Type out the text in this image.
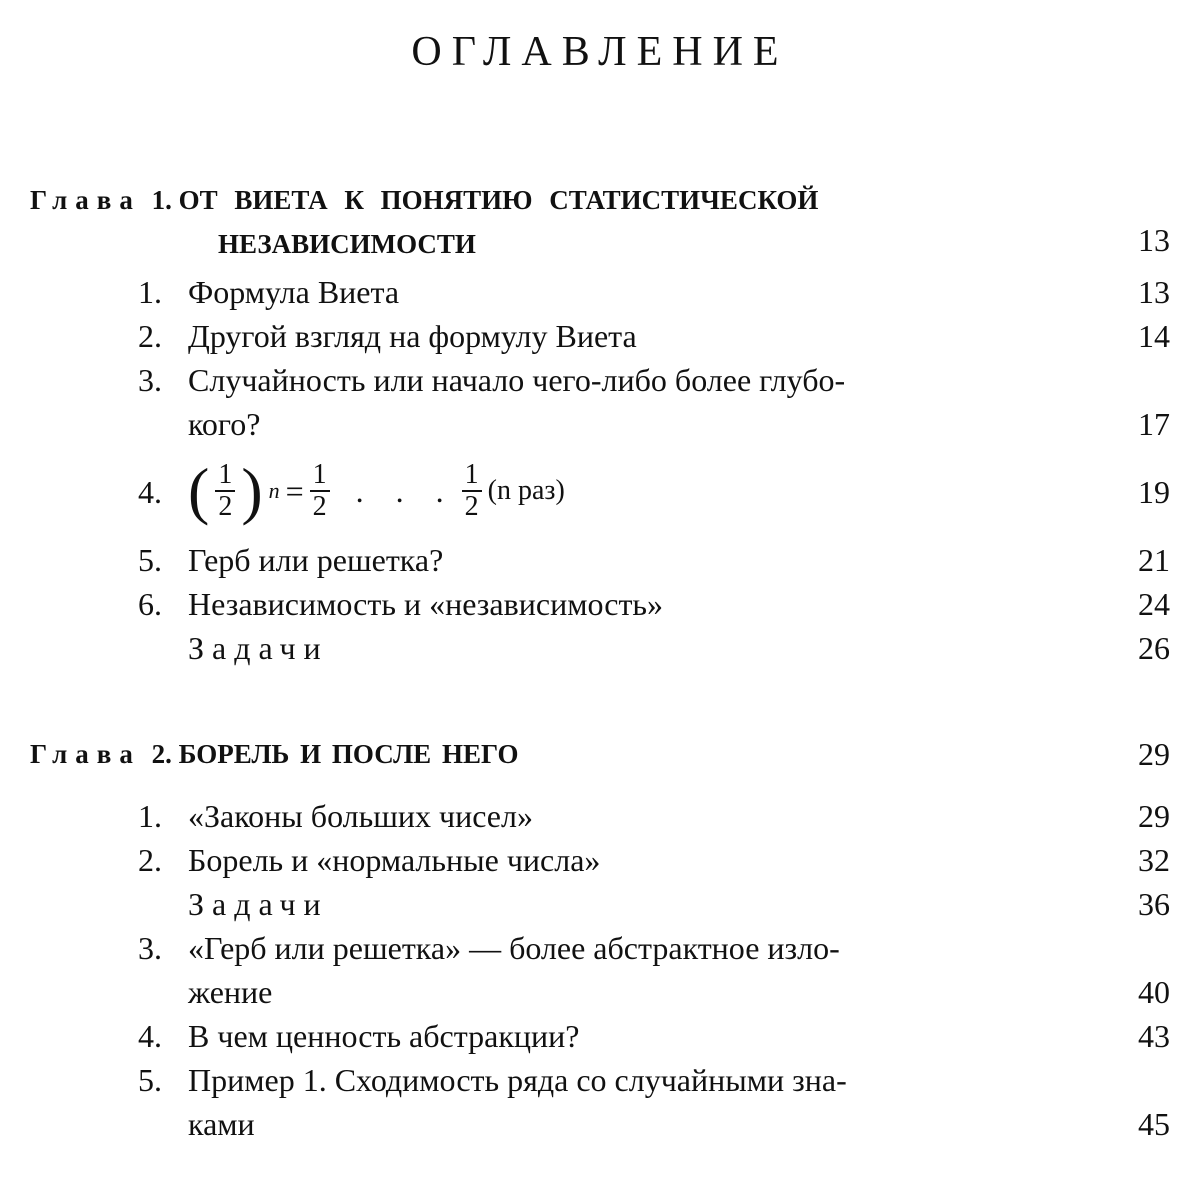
ОГЛАВЛЕНИЕ
Глава 1. ОТ ВИЕТА К ПОНЯТИЮ СТАТИСТИЧЕСКОЙ
НЕЗАВИСИМОСТИ	13
1. Формула Виета	13
2. Другой взгляд на формулу Виета	14
3. Случайность или начало чего-либо более глубо-
кого?	17
4. ( $\frac{1}{2}$ ) $n = \frac{1}{2}$ . . . $\frac{1}{2} (n$ раз)	19
5. Герб или решетка?	21
6. Независимость и «независимость»	24
Задачи	26
Глава 2. БОРЕЛЬ И ПОСЛЕ НЕГО	29
1. «Законы больших чисел»	29
2. Борель и «нормальные числа»	32
Задачи	36
3. «Герб или решетка» — более абстрактное изло-
жение	40
4. В чем ценность абстракции?	43
5. Пример 1. Сходимость ряда со случайными зна-
ками	45
